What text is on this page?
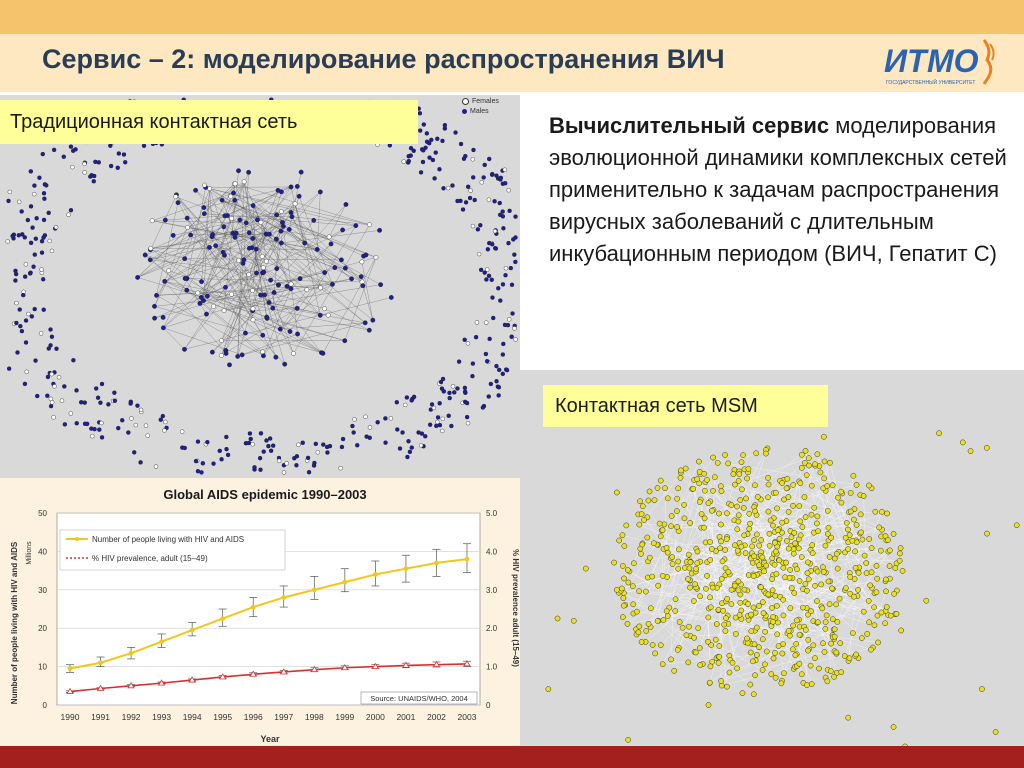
Сервис – 2: моделирование распространения ВИЧ	ИТМО
ГОСУДАРСТВЕННЫЙ УНИВЕРСИТЕТ
Females
Males
Традиционная контактная сеть	Вычислительный сервис моделирования эволюционной динамики комплексных сетей применительно к задачам распространения вирусных заболеваний с длительным инкубационным периодом (ВИЧ, Гепатит С)
Контактная сеть MSM
Global AIDS epidemic 1990–2003
0
10
20
30
40
50
0
1.0
2.0
3.0
4.0
5.0
1990 1991 1992 1993 1994 1995 1996 1997 1998 1999 2000 2001 2002 2003
Millions
Number of people living with HIV and AIDS	% HIV prevalence adult (15–49)
Year
Number of people living with HIV and AIDS
% HIV prevalence, adult (15–49)
Source: UNAIDS/WHO, 2004
